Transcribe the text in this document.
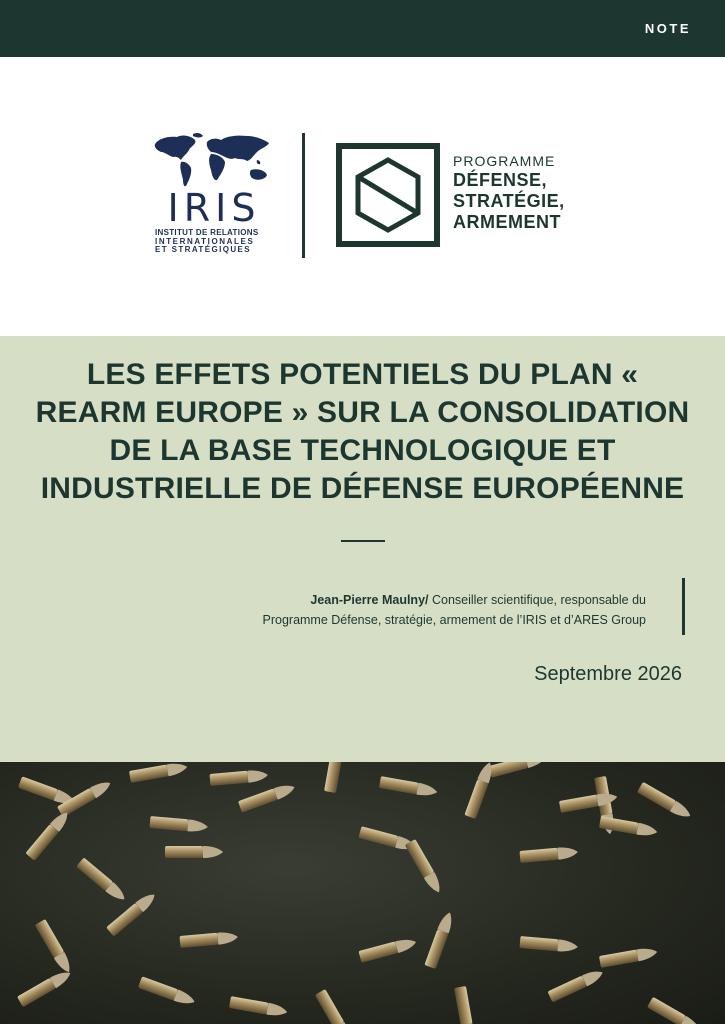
NOTE
IRIS
INSTITUT DE RELATIONS
INTERNATIONALES
ET STRATÉGIQUES
PROGRAMME
DÉFENSE,
STRATÉGIE,
ARMEMENT
LES EFFETS POTENTIELS DU PLAN « REARM EUROPE » SUR LA CONSOLIDATION DE LA BASE TECHNOLOGIQUE ET INDUSTRIELLE DE DÉFENSE EUROPÉENNE
Jean-Pierre Maulny/ Conseiller scientifique, responsable du
Programme Défense, stratégie, armement de l’IRIS et d’ARES Group
Septembre 2026
